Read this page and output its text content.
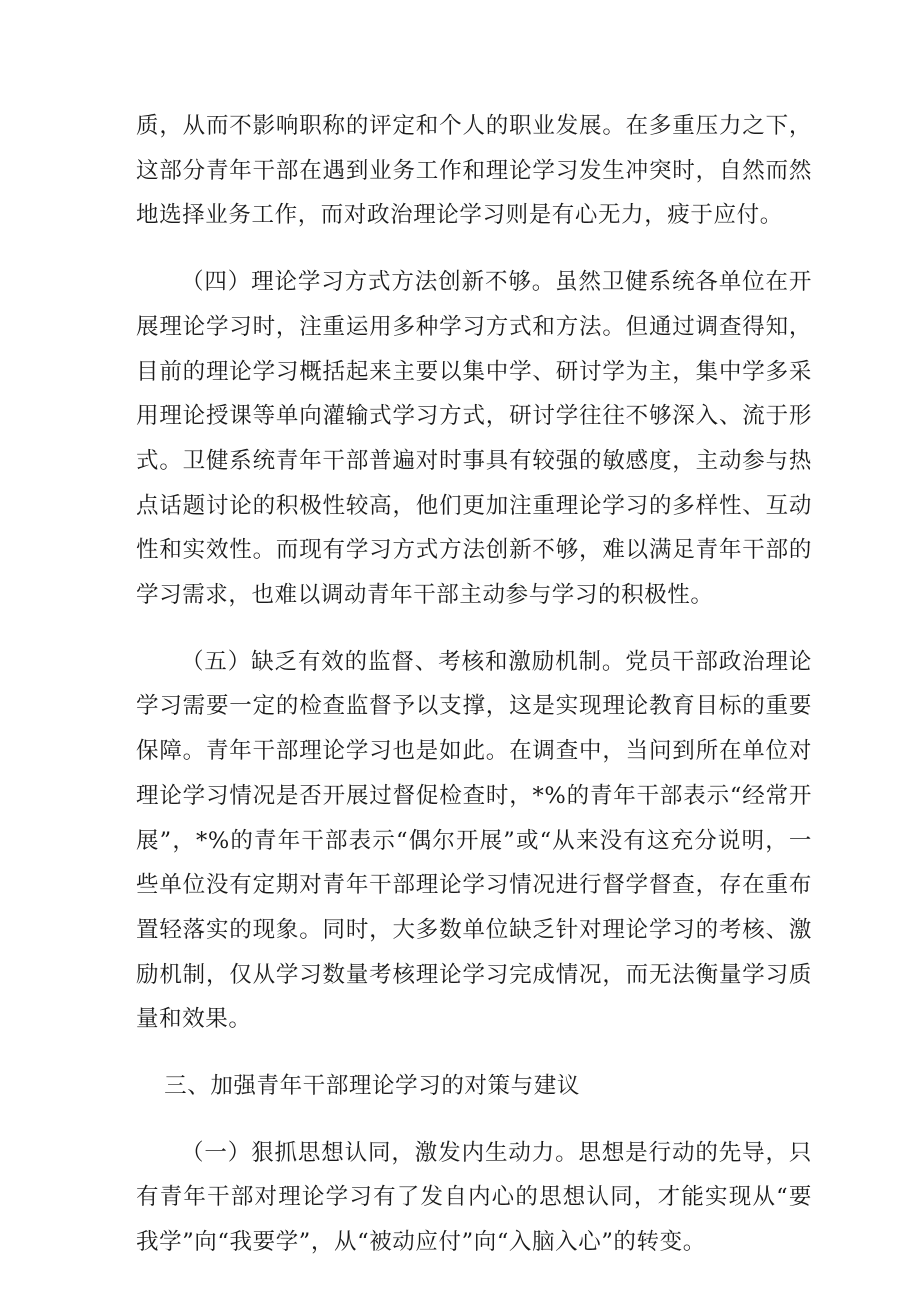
质，从而不影响职称的评定和个人的职业发展。在多重压力之下，这部分青年干部在遇到业务工作和理论学习发生冲突时，自然而然地选择业务工作，而对政治理论学习则是有心无力，疲于应付。

（四）理论学习方式方法创新不够。虽然卫健系统各单位在开展理论学习时，注重运用多种学习方式和方法。但通过调查得知，目前的理论学习概括起来主要以集中学、研讨学为主，集中学多采用理论授课等单向灌输式学习方式，研讨学往往不够深入、流于形式。卫健系统青年干部普遍对时事具有较强的敏感度，主动参与热点话题讨论的积极性较高，他们更加注重理论学习的多样性、互动性和实效性。而现有学习方式方法创新不够，难以满足青年干部的学习需求，也难以调动青年干部主动参与学习的积极性。

（五）缺乏有效的监督、考核和激励机制。党员干部政治理论学习需要一定的检查监督予以支撑，这是实现理论教育目标的重要保障。青年干部理论学习也是如此。在调查中，当问到所在单位对理论学习情况是否开展过督促检查时，*%的青年干部表示“经常开展”，*%的青年干部表示“偶尔开展”或“从来没有这充分说明，一些单位没有定期对青年干部理论学习情况进行督学督查，存在重布置轻落实的现象。同时，大多数单位缺乏针对理论学习的考核、激励机制，仅从学习数量考核理论学习完成情况，而无法衡量学习质量和效果。

三、加强青年干部理论学习的对策与建议

（一）狠抓思想认同，激发内生动力。思想是行动的先导，只有青年干部对理论学习有了发自内心的思想认同，才能实现从“要我学”向“我要学”，从“被动应付”向“入脑入心”的转变。
